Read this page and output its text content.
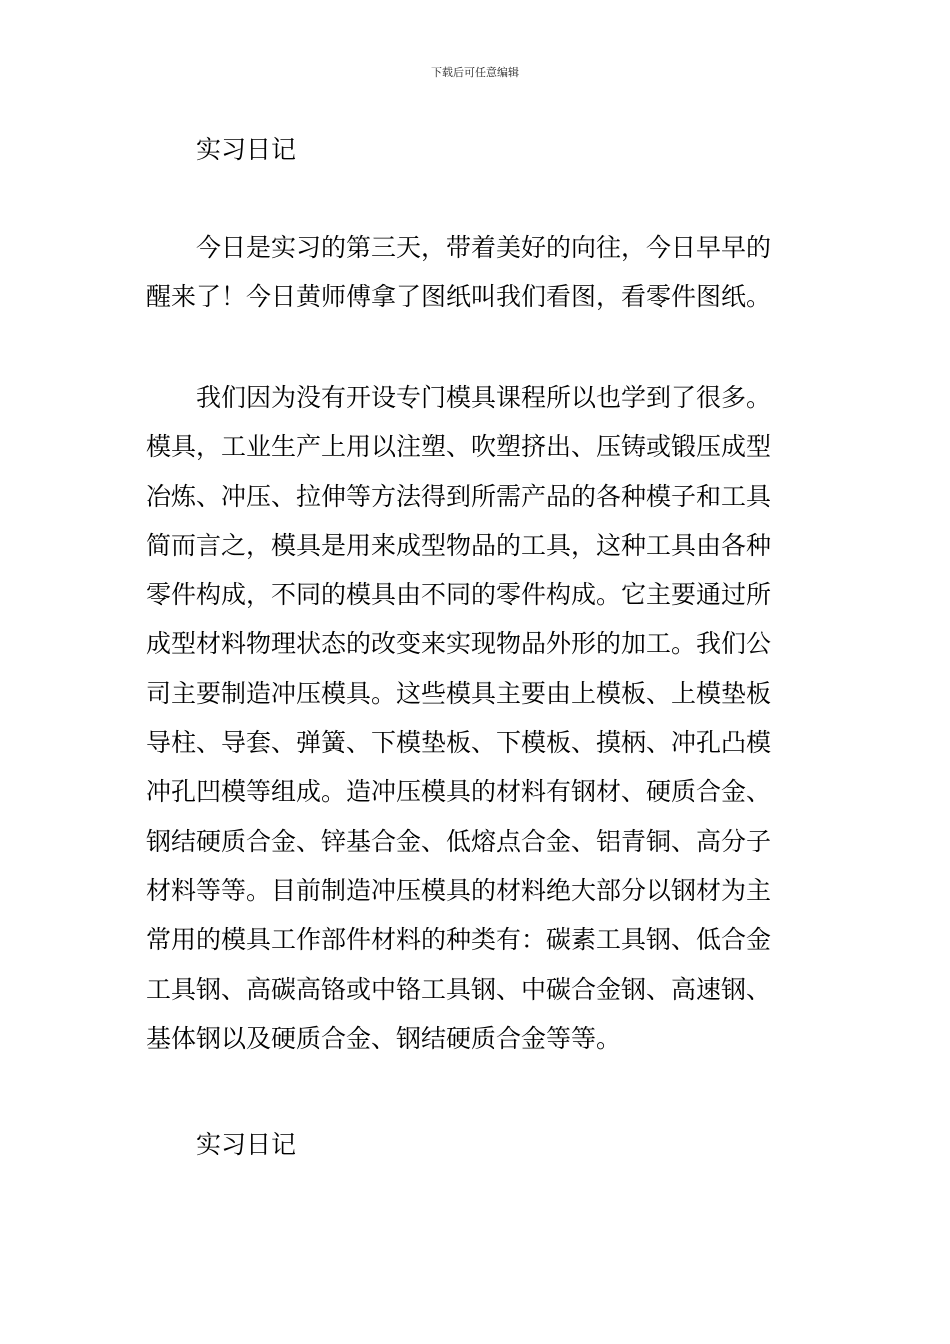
下载后可任意编辑
实习日记
今日是实习的第三天，带着美好的向往，今日早早的
醒来了！今日黄师傅拿了图纸叫我们看图，看零件图纸。
我们因为没有开设专门模具课程所以也学到了很多。
模具，工业生产上用以注塑、吹塑挤出、压铸或锻压成型
冶炼、冲压、拉伸等方法得到所需产品的各种模子和工具
简而言之，模具是用来成型物品的工具，这种工具由各种
零件构成，不同的模具由不同的零件构成。它主要通过所
成型材料物理状态的改变来实现物品外形的加工。我们公
司主要制造冲压模具。这些模具主要由上模板、上模垫板
导柱、导套、弹簧、下模垫板、下模板、摸柄、冲孔凸模
冲孔凹模等组成。造冲压模具的材料有钢材、硬质合金、
钢结硬质合金、锌基合金、低熔点合金、铝青铜、高分子
材料等等。目前制造冲压模具的材料绝大部分以钢材为主
常用的模具工作部件材料的种类有：碳素工具钢、低合金
工具钢、高碳高铬或中铬工具钢、中碳合金钢、高速钢、
基体钢以及硬质合金、钢结硬质合金等等。
实习日记
